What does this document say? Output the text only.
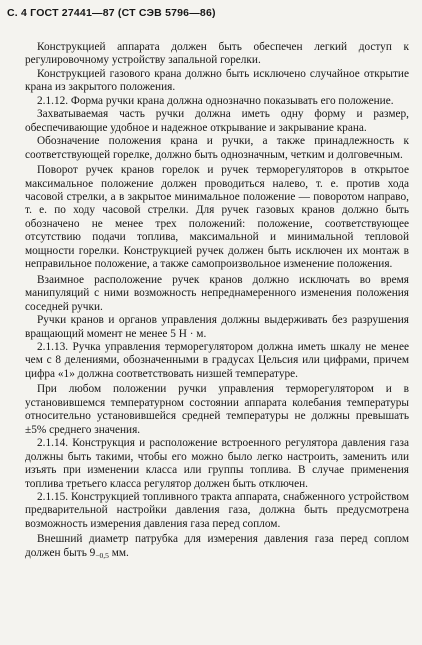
С. 4 ГОСТ 27441—87 (СТ СЭВ 5796—86)

Конструкцией аппарата должен быть обеспечен легкий доступ к регулировочному устройству запальной горелки.

Конструкцией газового крана должно быть исключено случайное открытие крана из закрытого положения.

2.1.12. Форма ручки крана должна однозначно показывать его положение.

Захватываемая часть ручки должна иметь одну форму и размер, обеспечивающие удобное и надежное открывание и закрывание крана.

Обозначение положения крана и ручки, а также принадлежность к соответствующей горелке, должно быть однозначным, четким и долговечным.

Поворот ручек кранов горелок и ручек терморегуляторов в открытое максимальное положение должен проводиться налево, т. е. против хода часовой стрелки, а в закрытое минимальное положение — поворотом направо, т. е. по ходу часовой стрелки. Для ручек газовых кранов должно быть обозначено не менее трех положений: положение, соответствующее отсутствию подачи топлива, максимальной и минимальной тепловой мощности горелки. Конструкцией ручек должен быть исключен их монтаж в неправильное положение, а также самопроизвольное изменение положения.

Взаимное расположение ручек кранов должно исключать во время манипуляций с ними возможность непреднамеренного изменения положения соседней ручки.

Ручки кранов и органов управления должны выдерживать без разрушения вращающий момент не менее 5 Н · м.

2.1.13. Ручка управления терморегулятором должна иметь шкалу не менее чем с 8 делениями, обозначенными в градусах Цельсия или цифрами, причем цифра «1» должна соответствовать низшей температуре.

При любом положении ручки управления терморегулятором и в установившемся температурном состоянии аппарата колебания температуры относительно установившейся средней температуры не должны превышать ±5% среднего значения.

2.1.14. Конструкция и расположение встроенного регулятора давления газа должны быть такими, чтобы его можно было легко настроить, заменить или изъять при изменении класса или группы топлива. В случае применения топлива третьего класса регулятор должен быть отключен.

2.1.15. Конструкцией топливного тракта аппарата, снабженного устройством предварительной настройки давления газа, должна быть предусмотрена возможность измерения давления газа перед соплом.

Внешний диаметр патрубка для измерения давления газа перед соплом должен быть $9_{-0,5}$ мм.
